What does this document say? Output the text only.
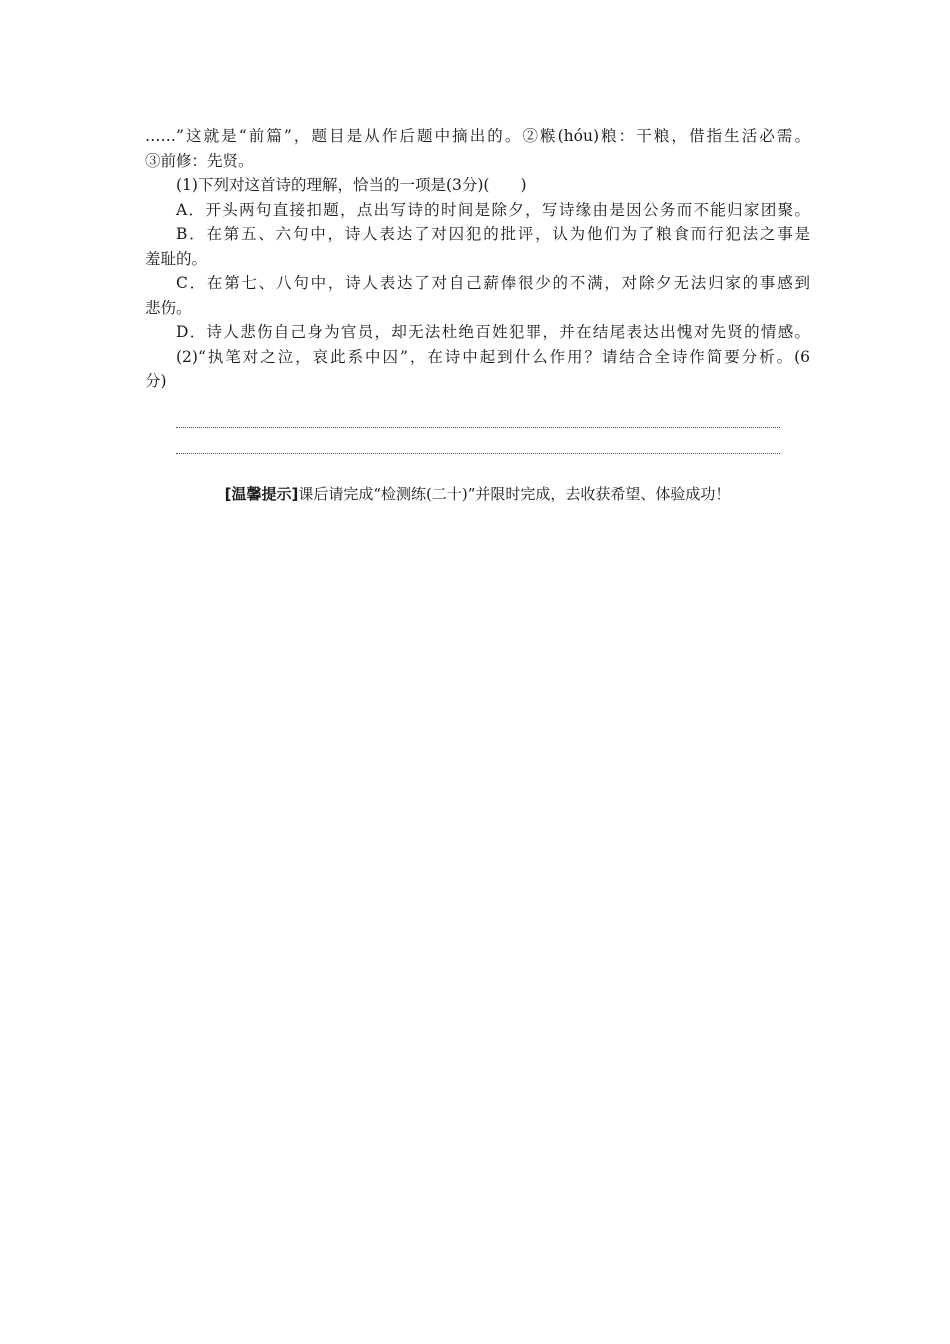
……”这就是“前篇”，题目是从作后题中摘出的。②糇(hóu)粮：干粮，借指生活必需。
③前修：先贤。
(1)下列对这首诗的理解，恰当的一项是(3分)(　　)
A．开头两句直接扣题，点出写诗的时间是除夕，写诗缘由是因公务而不能归家团聚。
B．在第五、六句中，诗人表达了对囚犯的批评，认为他们为了粮食而行犯法之事是
羞耻的。
C．在第七、八句中，诗人表达了对自己薪俸很少的不满，对除夕无法归家的事感到
悲伤。
D．诗人悲伤自己身为官员，却无法杜绝百姓犯罪，并在结尾表达出愧对先贤的情感。
(2)“执笔对之泣，哀此系中囚”，在诗中起到什么作用？请结合全诗作简要分析。(6
分)
[温馨提示]课后请完成“检测练(二十)”并限时完成，去收获希望、体验成功！
